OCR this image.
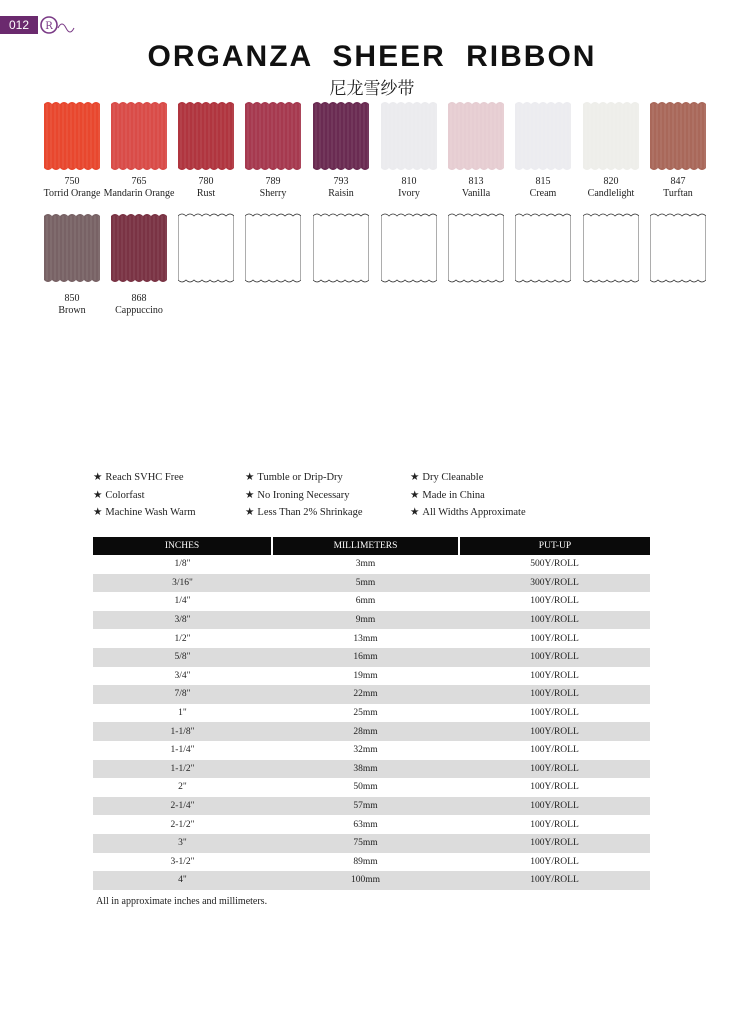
012	R
ORGANZA SHEER RIBBON
尼龙雪纱带
750
Torrid Orange
765
Mandarin Orange
780
Rust
789
Sherry
793
Raisin
810
Ivory
813
Vanilla
815
Cream
820
Candlelight
847
Turftan
850
Brown
868
Cappuccino
★ Reach SVHC Free
★ Colorfast
★ Machine Wash Warm
★ Tumble or Drip-Dry
★ No Ironing Necessary
★ Less Than 2% Shrinkage
★ Dry Cleanable
★ Made in China
★ All Widths Approximate
INCHES	MILLIMETERS	PUT-UP
1/8"	3mm	500Y/ROLL
3/16"	5mm	300Y/ROLL
1/4"	6mm	100Y/ROLL
3/8"	9mm	100Y/ROLL
1/2"	13mm	100Y/ROLL
5/8"	16mm	100Y/ROLL
3/4"	19mm	100Y/ROLL
7/8"	22mm	100Y/ROLL
1"	25mm	100Y/ROLL
1-1/8"	28mm	100Y/ROLL
1-1/4"	32mm	100Y/ROLL
1-1/2"	38mm	100Y/ROLL
2"	50mm	100Y/ROLL
2-1/4"	57mm	100Y/ROLL
2-1/2"	63mm	100Y/ROLL
3"	75mm	100Y/ROLL
3-1/2"	89mm	100Y/ROLL
4"	100mm	100Y/ROLL
All in approximate inches and millimeters.
